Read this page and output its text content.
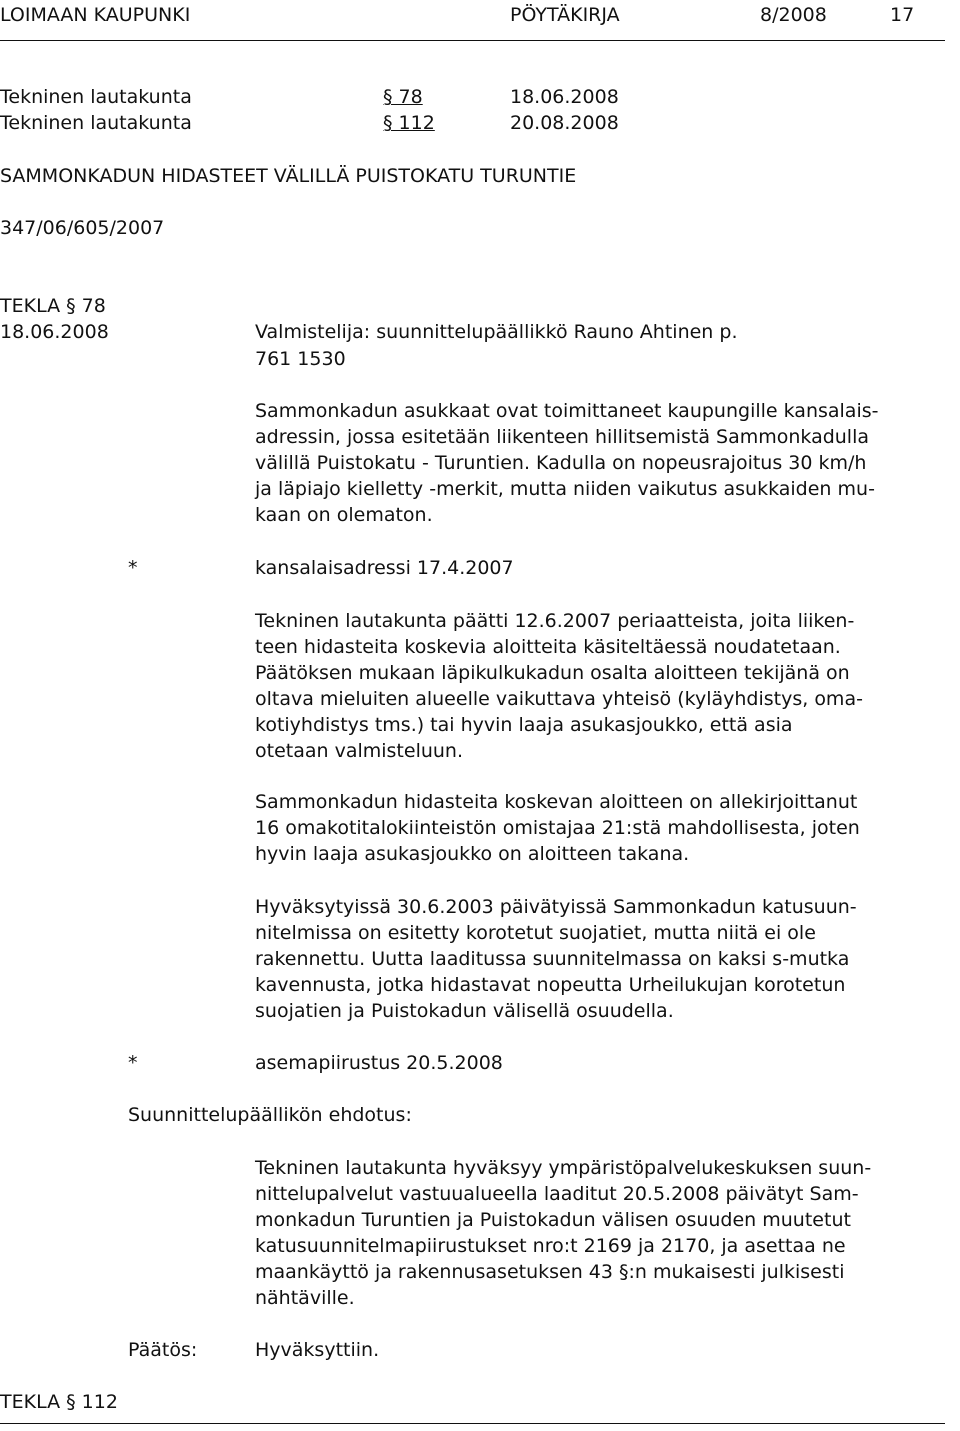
LOIMAAN KAUPUNKI	PÖYTÄKIRJA	8/2008	17
Tekninen lautakunta	§ 78	18.06.2008
Tekninen lautakunta	§ 112	20.08.2008
SAMMONKADUN HIDASTEET VÄLILLÄ PUISTOKATU TURUNTIE
347/06/605/2007
TEKLA § 78
18.06.2008	Valmistelija: suunnittelupäällikkö Rauno Ahtinen p.
761 1530
Sammonkadun asukkaat ovat toimittaneet kaupungille kansalais-
adressin, jossa esitetään liikenteen hillitsemistä Sammonkadulla
välillä Puistokatu - Turuntien. Kadulla on nopeusrajoitus 30 km/h
ja läpiajo kielletty -merkit, mutta niiden vaikutus asukkaiden mu-
kaan on olematon.
*	kansalaisadressi 17.4.2007
Tekninen lautakunta päätti 12.6.2007 periaatteista, joita liiken-
teen hidasteita koskevia aloitteita käsiteltäessä noudatetaan.
Päätöksen mukaan läpikulkukadun osalta aloitteen tekijänä on
oltava mieluiten alueelle vaikuttava yhteisö (kyläyhdistys, oma-
kotiyhdistys tms.) tai hyvin laaja asukasjoukko, että asia
otetaan valmisteluun.
Sammonkadun hidasteita koskevan aloitteen on allekirjoittanut
16 omakotitalokiinteistön omistajaa 21:stä mahdollisesta, joten
hyvin laaja asukasjoukko on aloitteen takana.
Hyväksytyissä 30.6.2003 päivätyissä Sammonkadun katusuun-
nitelmissa on esitetty korotetut suojatiet, mutta niitä ei ole
rakennettu. Uutta laaditussa suunnitelmassa on kaksi s-mutka
kavennusta, jotka hidastavat nopeutta Urheilukujan korotetun
suojatien ja Puistokadun välisellä osuudella.
*	asemapiirustus 20.5.2008
Suunnittelupäällikön ehdotus:
Tekninen lautakunta hyväksyy ympäristöpalvelukeskuksen suun-
nittelupalvelut vastuualueella laaditut 20.5.2008 päivätyt Sam-
monkadun Turuntien ja Puistokadun välisen osuuden muutetut
katusuunnitelmapiirustukset nro:t 2169 ja 2170, ja asettaa ne
maankäyttö ja rakennusasetuksen 43 §:n mukaisesti julkisesti
nähtäville.
Päätös:	Hyväksyttiin.
TEKLA § 112
